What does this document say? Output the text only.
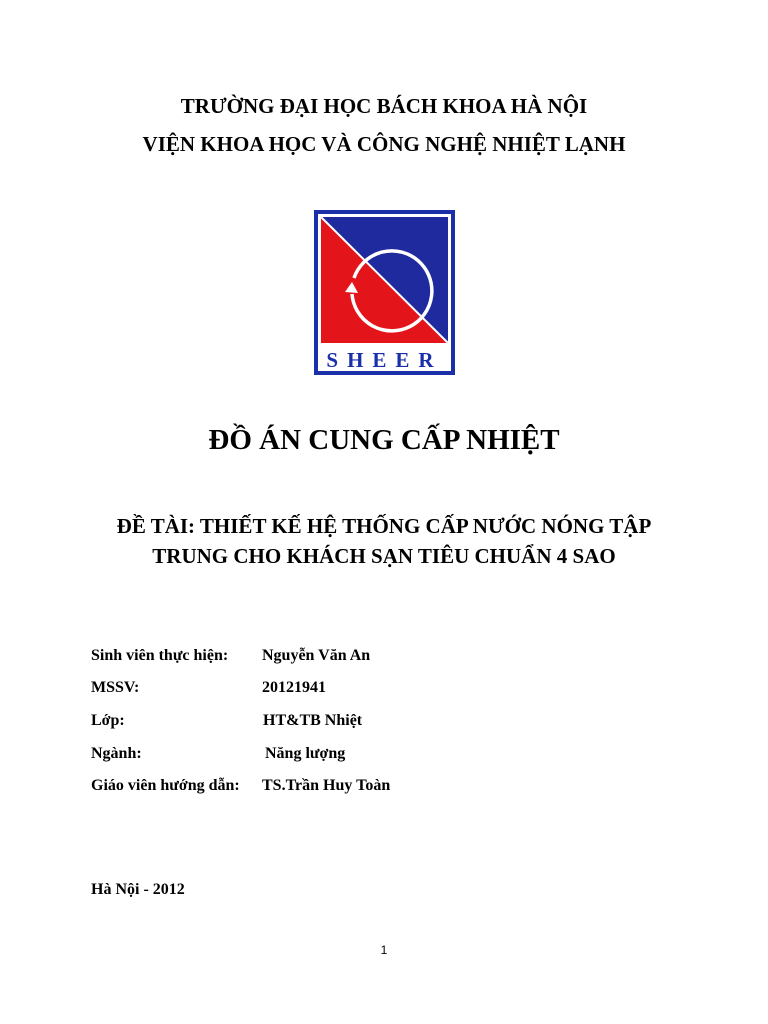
TRƯỜNG ĐẠI HỌC BÁCH KHOA HÀ NỘI
VIỆN KHOA HỌC VÀ CÔNG NGHỆ NHIỆT LẠNH
SHEER
ĐỒ ÁN CUNG CẤP NHIỆT
ĐỀ TÀI: THIẾT KẾ HỆ THỐNG CẤP NƯỚC NÓNG TẬP
TRUNG CHO KHÁCH SẠN TIÊU CHUẨN 4 SAO
Sinh viên thực hiện: Nguyễn Văn An
MSSV:	20121941
Lớp:	HT&TB Nhiệt
Ngành:	Năng lượng
Giáo viên hướng dẫn: TS.Trần Huy Toàn
Hà Nội - 2012
1
